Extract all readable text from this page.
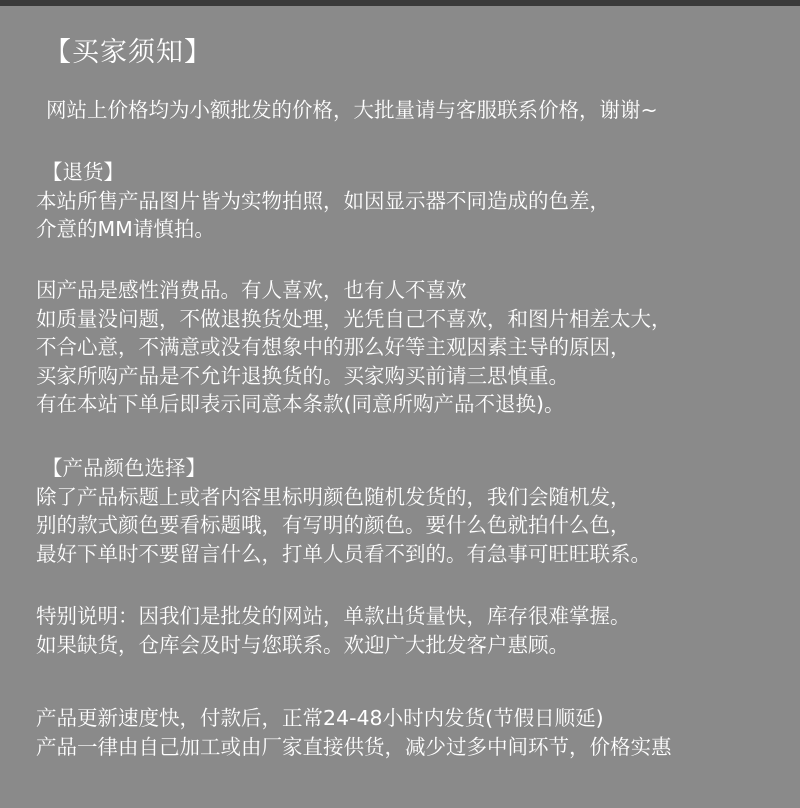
【买家须知】
网站上价格均为小额批发的价格，大批量请与客服联系价格，谢谢~
【退货】
本站所售产品图片皆为实物拍照，如因显示器不同造成的色差，
介意的MM请慎拍。
因产品是感性消费品。有人喜欢，也有人不喜欢
如质量没问题，不做退换货处理，光凭自己不喜欢，和图片相差太大，
不合心意，不满意或没有想象中的那么好等主观因素主导的原因，
买家所购产品是不允许退换货的。买家购买前请三思慎重。
有在本站下单后即表示同意本条款(同意所购产品不退换)。
【产品颜色选择】
除了产品标题上或者内容里标明颜色随机发货的，我们会随机发，
别的款式颜色要看标题哦，有写明的颜色。要什么色就拍什么色，
最好下单时不要留言什么，打单人员看不到的。有急事可旺旺联系。
特别说明：因我们是批发的网站，单款出货量快，库存很难掌握。
如果缺货，仓库会及时与您联系。欢迎广大批发客户惠顾。
产品更新速度快，付款后，正常24-48小时内发货(节假日顺延)
产品一律由自己加工或由厂家直接供货，减少过多中间环节，价格实惠
